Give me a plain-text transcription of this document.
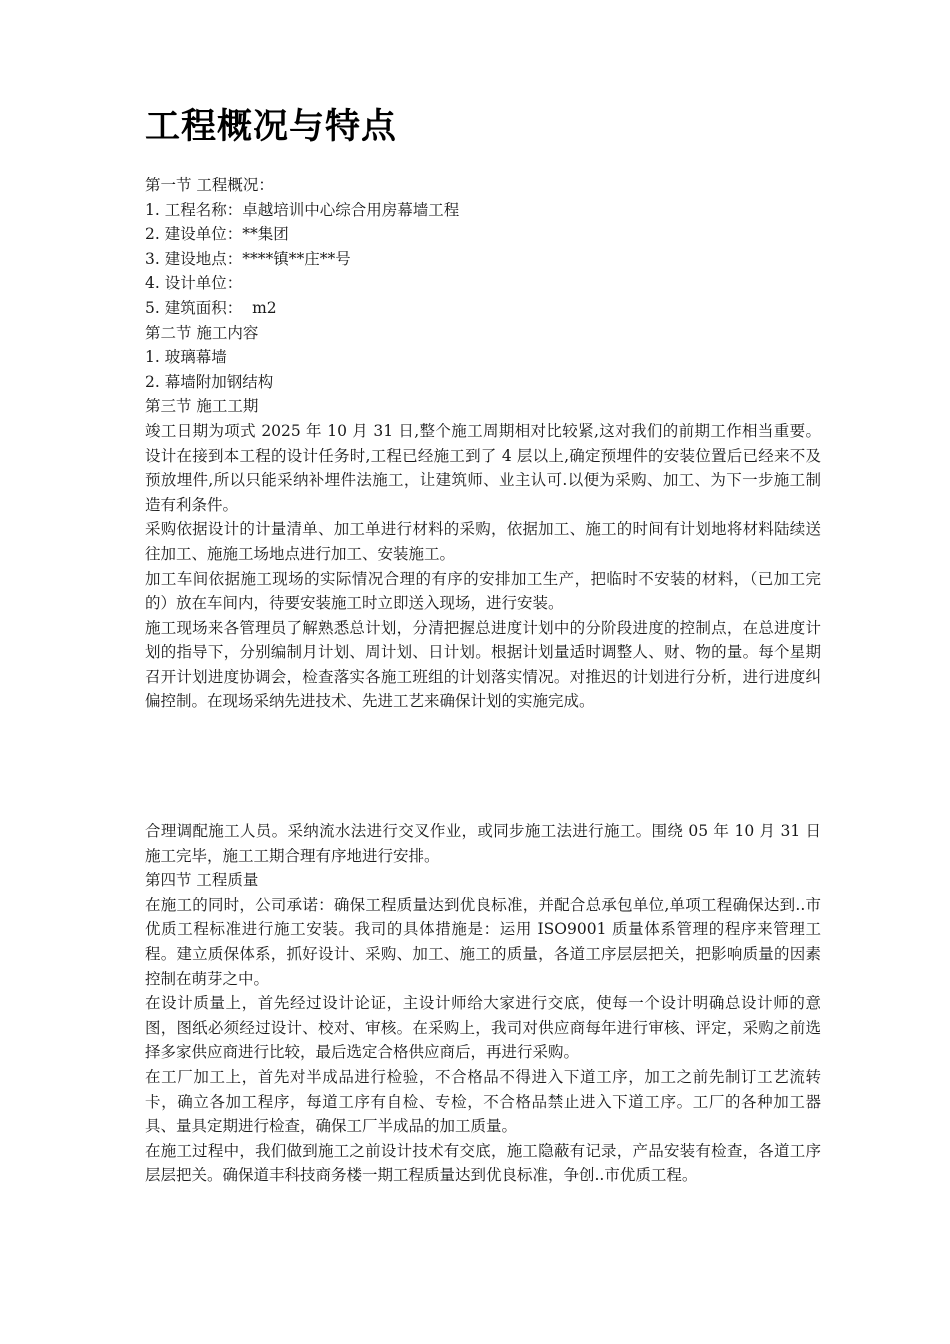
工程概况与特点

第一节 工程概况：

1. 工程名称：卓越培训中心综合用房幕墙工程

2. 建设单位：**集团

3. 建设地点：****镇**庄**号

4. 设计单位：

5. 建筑面积：  m2

第二节 施工内容

1. 玻璃幕墙

2. 幕墙附加钢结构

第三节 施工工期

竣工日期为项式 2025 年 10 月 31 日,整个施工周期相对比较紧,这对我们的前期工作相当重要。设计在接到本工程的设计任务时,工程已经施工到了 4 层以上,确定预埋件的安装位置后已经来不及预放埋件,所以只能采纳补埋件法施工，让建筑师、业主认可.以便为采购、加工、为下一步施工制造有利条件。

采购依据设计的计量清单、加工单进行材料的采购，依据加工、施工的时间有计划地将材料陆续送往加工、施施工场地点进行加工、安装施工。

加工车间依据施工现场的实际情况合理的有序的安排加工生产，把临时不安装的材料，（已加工完的）放在车间内，待要安装施工时立即送入现场，进行安装。

施工现场来各管理员了解熟悉总计划，分清把握总进度计划中的分阶段进度的控制点，在总进度计划的指导下，分别编制月计划、周计划、日计划。根据计划量适时调整人、财、物的量。每个星期召开计划进度协调会，检查落实各施工班组的计划落实情况。对推迟的计划进行分析，进行进度纠偏控制。在现场采纳先进技术、先进工艺来确保计划的实施完成。

合理调配施工人员。采纳流水法进行交叉作业，或同步施工法进行施工。围绕 05 年 10 月 31 日施工完毕，施工工期合理有序地进行安排。

第四节 工程质量

在施工的同时，公司承诺：确保工程质量达到优良标准，并配合总承包单位,单项工程确保达到..市优质工程标准进行施工安装。我司的具体措施是：运用 ISO9001 质量体系管理的程序来管理工程。建立质保体系，抓好设计、采购、加工、施工的质量，各道工序层层把关，把影响质量的因素控制在萌芽之中。

在设计质量上，首先经过设计论证，主设计师给大家进行交底，使每一个设计明确总设计师的意图，图纸必须经过设计、校对、审核。在采购上，我司对供应商每年进行审核、评定，采购之前选择多家供应商进行比较，最后选定合格供应商后，再进行采购。

在工厂加工上，首先对半成品进行检验，不合格品不得进入下道工序，加工之前先制订工艺流转卡，确立各加工程序，每道工序有自检、专检，不合格品禁止进入下道工序。工厂的各种加工器具、量具定期进行检查，确保工厂半成品的加工质量。

在施工过程中，我们做到施工之前设计技术有交底，施工隐蔽有记录，产品安装有检查，各道工序层层把关。确保道丰科技商务楼一期工程质量达到优良标准，争创..市优质工程。
